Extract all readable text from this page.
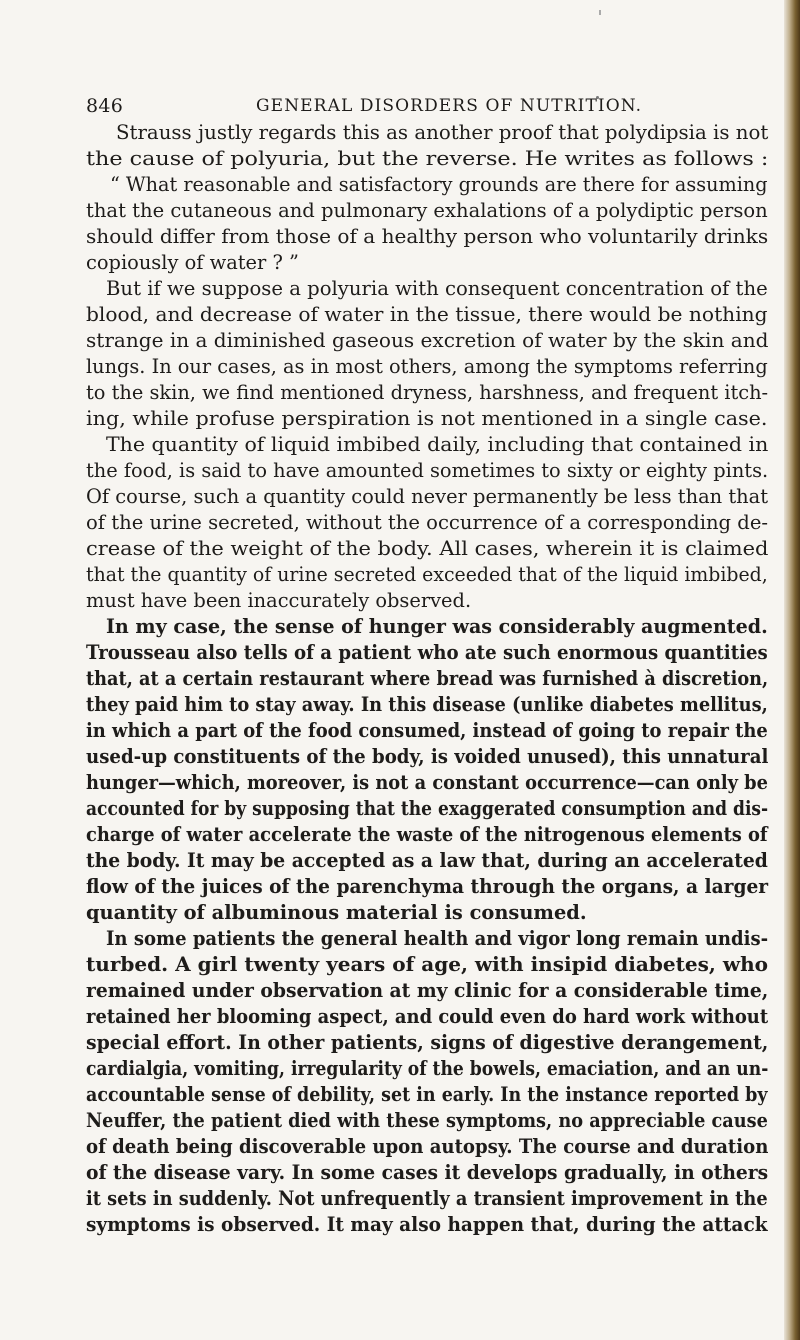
846	GENERAL DISORDERS OF NUTRITION.
Strauss justly regards this as another proof that polydipsia is not
the cause of polyuria, but the reverse. He writes as follows :
“ What reasonable and satisfactory grounds are there for assuming
that the cutaneous and pulmonary exhalations of a polydiptic person
should differ from those of a healthy person who voluntarily drinks
copiously of water ? ”
But if we suppose a polyuria with consequent concentration of the
blood, and decrease of water in the tissue, there would be nothing
strange in a diminished gaseous excretion of water by the skin and
lungs. In our cases, as in most others, among the symptoms referring
to the skin, we find mentioned dryness, harshness, and frequent itch-
ing, while profuse perspiration is not mentioned in a single case.
The quantity of liquid imbibed daily, including that contained in
the food, is said to have amounted sometimes to sixty or eighty pints.
Of course, such a quantity could never permanently be less than that
of the urine secreted, without the occurrence of a corresponding de-
crease of the weight of the body. All cases, wherein it is claimed
that the quantity of urine secreted exceeded that of the liquid imbibed,
must have been inaccurately observed.
In my case, the sense of hunger was considerably augmented.
Trousseau also tells of a patient who ate such enormous quantities
that, at a certain restaurant where bread was furnished à discretion,
they paid him to stay away. In this disease (unlike diabetes mellitus,
in which a part of the food consumed, instead of going to repair the
used-up constituents of the body, is voided unused), this unnatural
hunger—which, moreover, is not a constant occurrence—can only be
accounted for by supposing that the exaggerated consumption and dis-
charge of water accelerate the waste of the nitrogenous elements of
the body. It may be accepted as a law that, during an accelerated
flow of the juices of the parenchyma through the organs, a larger
quantity of albuminous material is consumed.
In some patients the general health and vigor long remain undis-
turbed. A girl twenty years of age, with insipid diabetes, who
remained under observation at my clinic for a considerable time,
retained her blooming aspect, and could even do hard work without
special effort. In other patients, signs of digestive derangement,
cardialgia, vomiting, irregularity of the bowels, emaciation, and an un-
accountable sense of debility, set in early. In the instance reported by
Neuffer, the patient died with these symptoms, no appreciable cause
of death being discoverable upon autopsy. The course and duration
of the disease vary. In some cases it develops gradually, in others
it sets in suddenly. Not unfrequently a transient improvement in the
symptoms is observed. It may also happen that, during the attack
